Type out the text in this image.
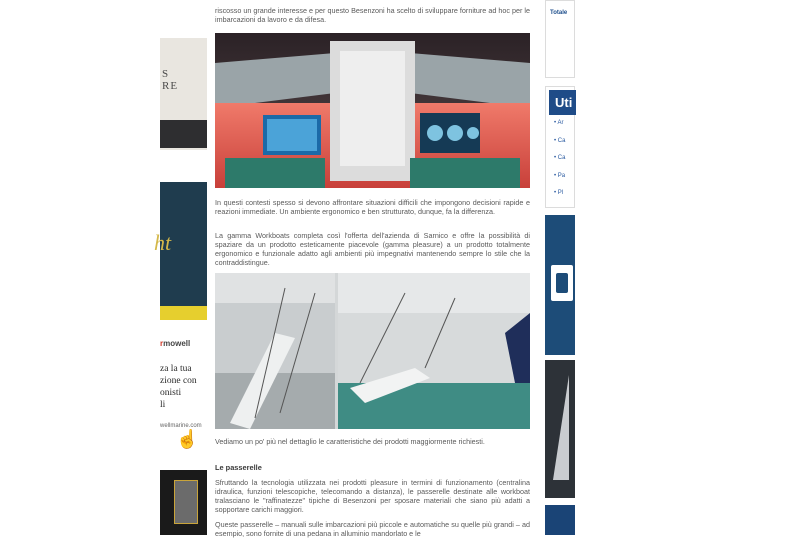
S
RE
ht
rmowell
za la tua
zione con
onisti
li
wellmarine.com
☝

riscosso un grande interesse e per questo Besenzoni ha scelto di sviluppare forniture ad hoc per le imbarcazioni da lavoro e da difesa.

In questi contesti spesso si devono affrontare situazioni difficili che impongono decisioni rapide e reazioni immediate. Un ambiente ergonomico e ben strutturato, dunque, fa la differenza.

La gamma Workboats completa così l'offerta dell'azienda di Sarnico e offre la possibilità di spaziare da un prodotto esteticamente piacevole (gamma pleasure) a un prodotto totalmente ergonomico e funzionale adatto agli ambienti più impegnativi mantenendo sempre lo stile che la contraddistingue.

Vediamo un po' più nel dettaglio le caratteristiche dei prodotti maggiormente richiesti.

Le passerelle

Sfruttando la tecnologia utilizzata nei prodotti pleasure in termini di funzionamento (centralina idraulica, funzioni telescopiche, telecomando a distanza), le passerelle destinate alle workboat tralasciano le "raffinatezze" tipiche di Besenzoni per sposare materiali che siano più adatti a sopportare carichi maggiori.

Queste passerelle – manuali sulle imbarcazioni più piccole e automatiche su quelle più grandi – ad esempio, sono fornite di una pedana in alluminio mandorlato e le

Totale
Uti
• Ar
• Ca
• Ca
• Pa
• Pl
